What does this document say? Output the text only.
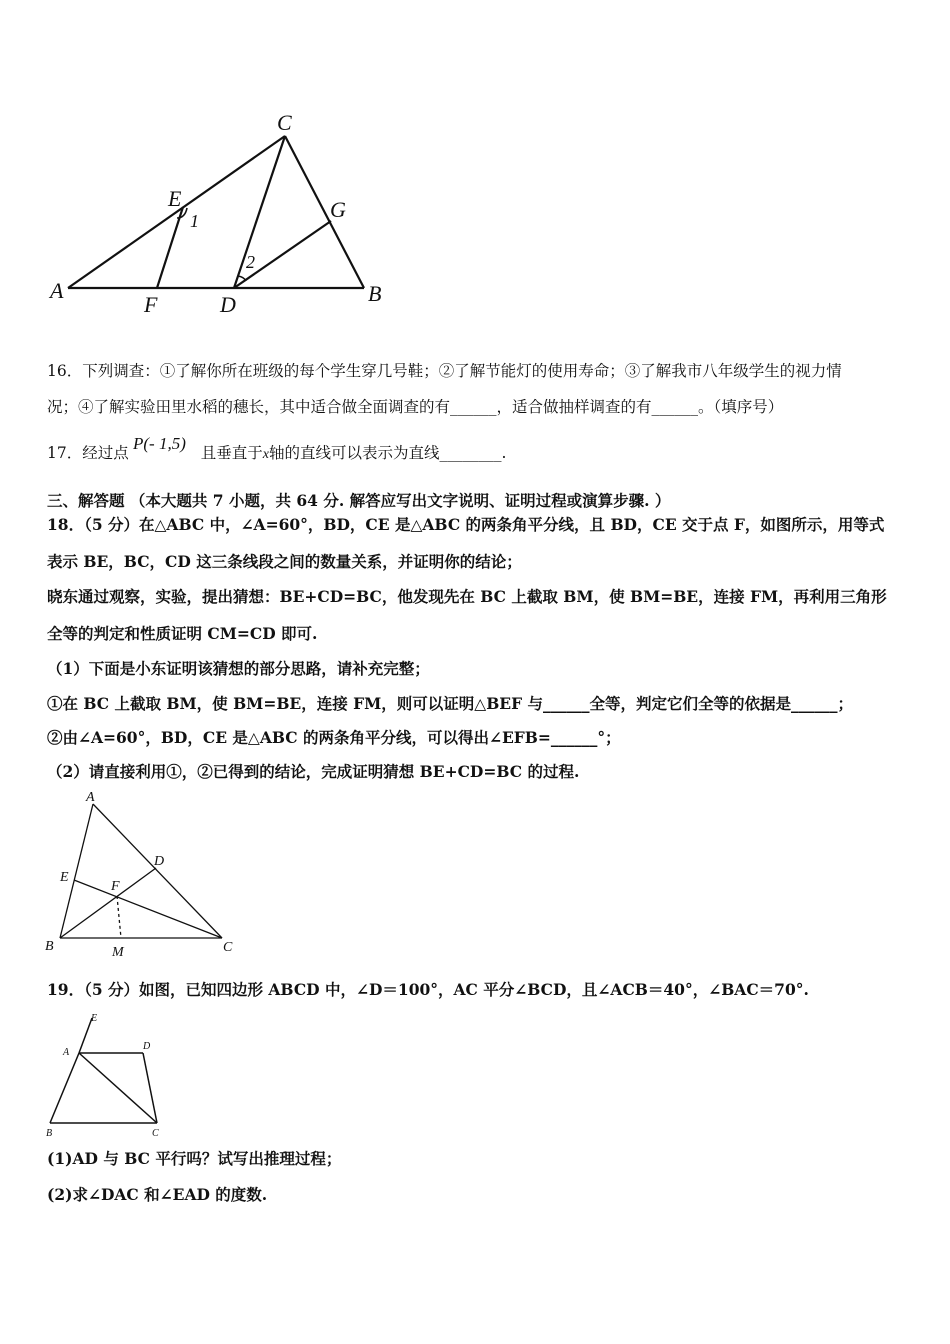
C
E
1	G
2
A
F	D	B
16．下列调查：①了解你所在班级的每个学生穿几号鞋；②了解节能灯的使用寿命；③了解我市八年级学生的视力情
况；④了解实验田里水稻的穗长，其中适合做全面调查的有______，适合做抽样调查的有______。（填序号）
17．经过点	且垂直于x轴的直线可以表示为直线________.
P(- 1,5)
三、解答题 （本大题共 7 小题，共 64 分. 解答应写出文字说明、证明过程或演算步骤. ）
18．（5 分）在△ABC 中，∠A=60°，BD，CE 是△ABC 的两条角平分线，且 BD，CE 交于点 F，如图所示，用等式
表示 BE，BC，CD 这三条线段之间的数量关系，并证明你的结论；
晓东通过观察，实验，提出猜想：BE+CD=BC，他发现先在 BC 上截取 BM，使 BM=BE，连接 FM，再利用三角形
全等的判定和性质证明 CM=CD 即可.
（1）下面是小东证明该猜想的部分思路，请补充完整；
①在 BC 上截取 BM，使 BM=BE，连接 FM，则可以证明△BEF 与______全等，判定它们全等的依据是______；
②由∠A=60°，BD，CE 是△ABC 的两条角平分线，可以得出∠EFB=______°；
（2）请直接利用①，②已得到的结论，完成证明猜想 BE+CD=BC 的过程.
A
D
E
F
B	M	C
19．（5 分）如图，已知四边形 ABCD 中，∠D＝100°，AC 平分∠BCD，且∠ACB＝40°，∠BAC＝70°.
E
A
D
B	C
(1)AD 与 BC 平行吗？试写出推理过程；
(2)求∠DAC 和∠EAD 的度数.
